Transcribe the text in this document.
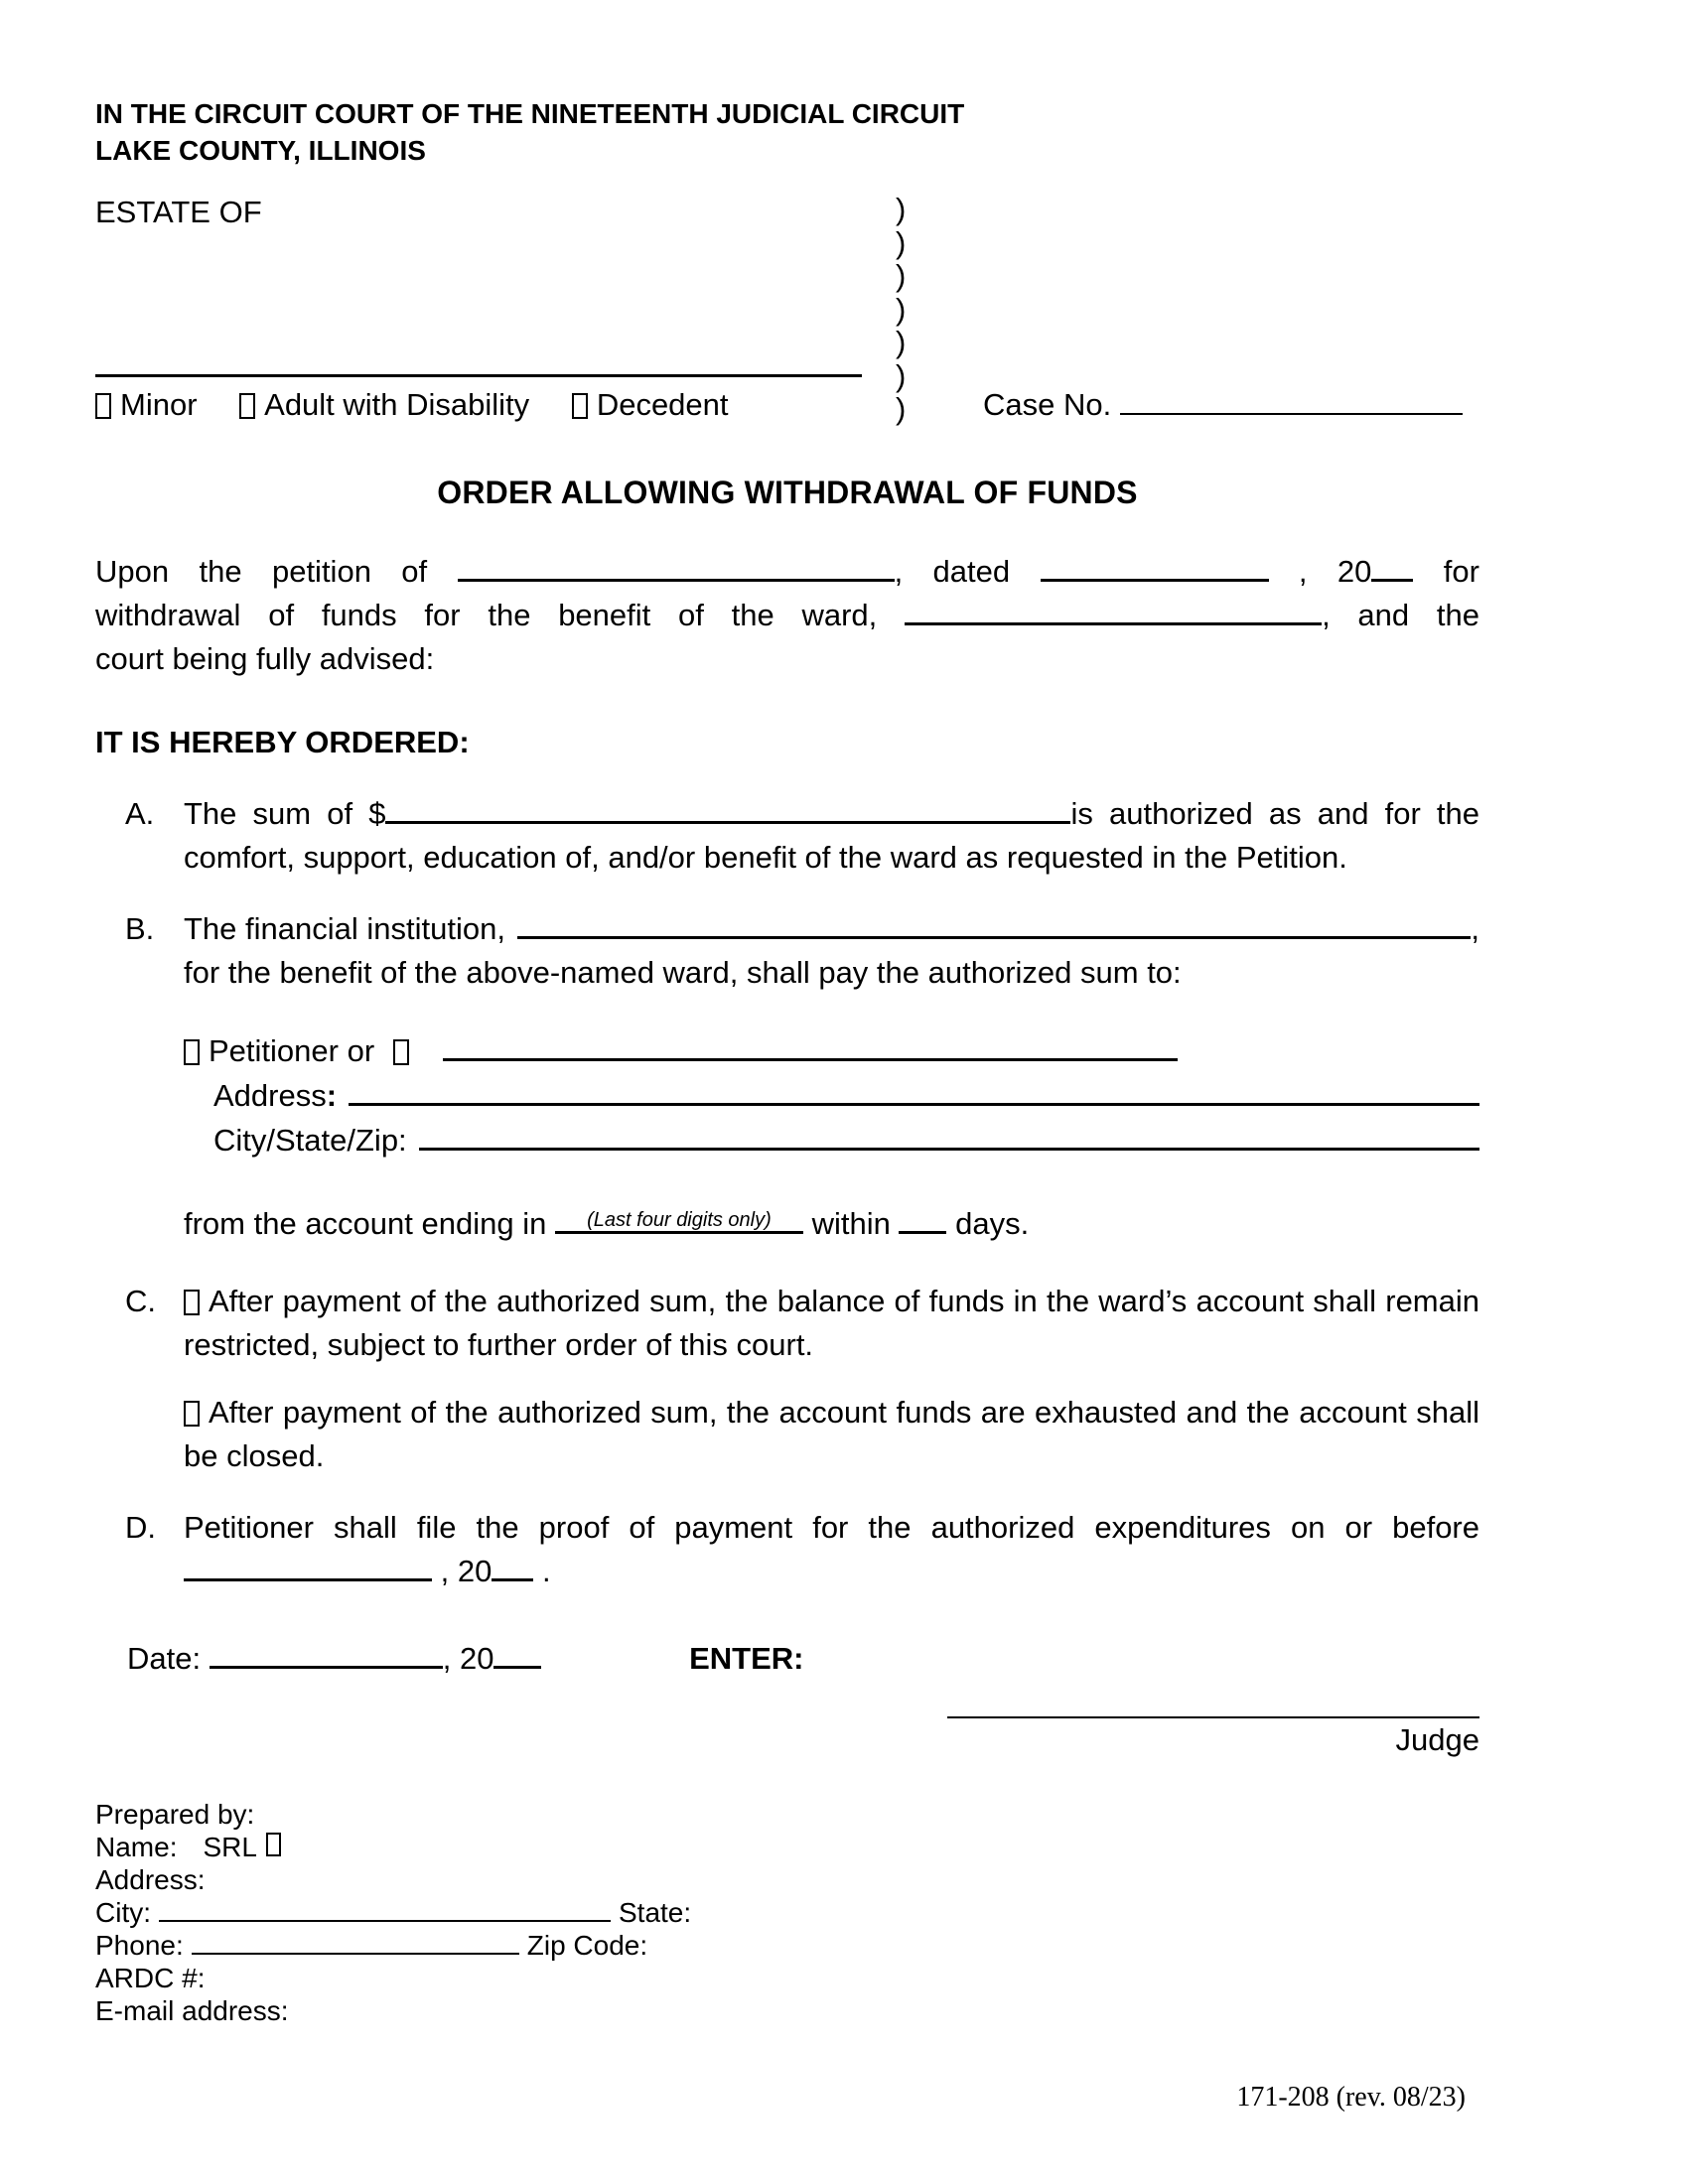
IN THE CIRCUIT COURT OF THE NINETEENTH JUDICIAL CIRCUIT
LAKE COUNTY, ILLINOIS
ESTATE OF
Minor Adult with Disability Decedent
)
)
)
)
)
)
)	Case No.
ORDER ALLOWING WITHDRAWAL OF FUNDS
Upon the petition of	, dated	, 20 for
withdrawal of funds for the benefit of the ward,	, and the
court being fully advised:
IT IS HEREBY ORDERED:
A. The sum of $	is authorized as and for the
comfort, support, education of, and/or benefit of the ward as requested in the Petition.
B. The financial institution,	,
for the benefit of the above-named ward, shall pay the authorized sum to:
Petitioner or
Address:
City/State/Zip:
from the account ending in (Last four digits only) within days.
C.	After payment of the authorized sum, the balance of funds in the ward’s account shall remain restricted, subject to further order of this court.
After payment of the authorized sum, the account funds are exhausted and the account shall be closed.
D. Petitioner shall file the proof of payment for the authorized expenditures on or before
, 20 .
Date:	, 20	ENTER:
Judge
Prepared by:
Name: SRL
Address:
City:	State:
Phone:	Zip Code:
ARDC #:
E-mail address:
171-208 (rev. 08/23)
